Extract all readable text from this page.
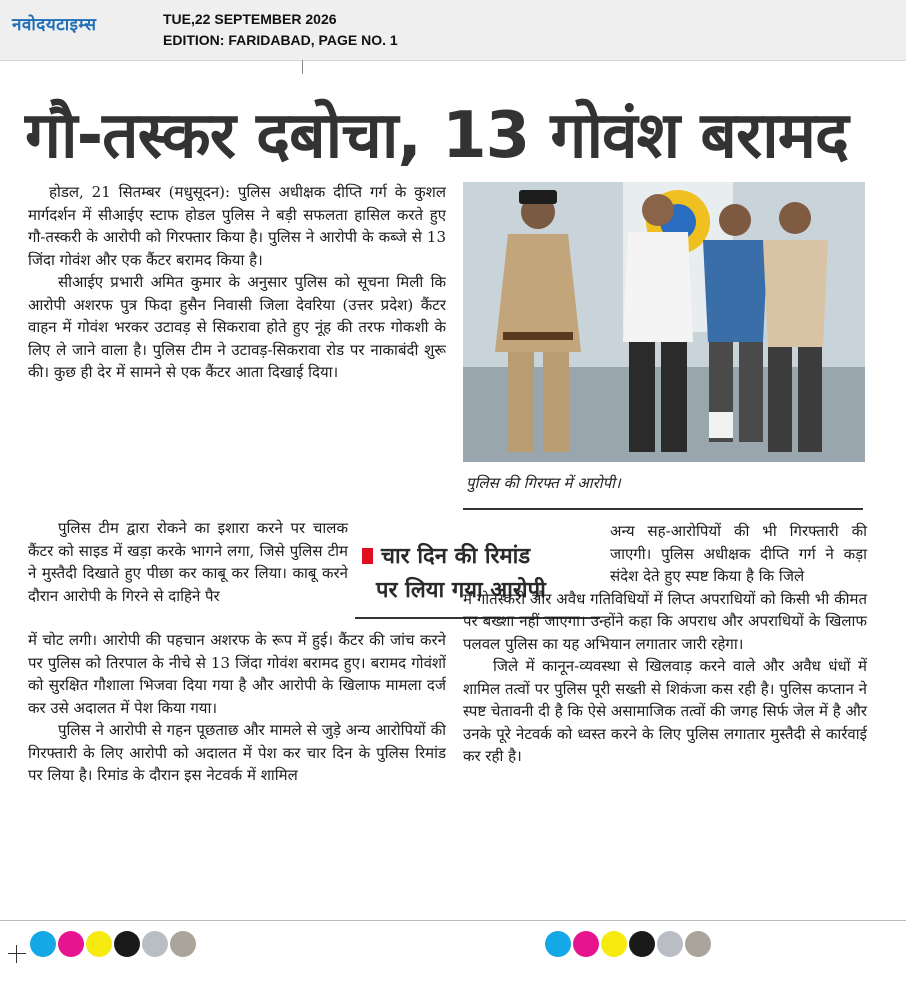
नवोदयटाइम्स	TUE,22 SEPTEMBER 2026
EDITION: FARIDABAD, PAGE NO. 1
गौ-तस्कर दबोचा, 13 गोवंश बरामद

होडल, 21 सितम्बर (मधुसूदन): पुलिस अधीक्षक दीप्ति गर्ग के कुशल मार्गदर्शन में सीआईए स्टाफ होडल पुलिस ने बड़ी सफलता हासिल करते हुए गौ-तस्करी के आरोपी को गिरफ्तार किया है। पुलिस ने आरोपी के कब्जे से 13 जिंदा गोवंश और एक कैंटर बरामद किया है।

सीआईए प्रभारी अमित कुमार के अनुसार पुलिस को सूचना मिली कि आरोपी अशरफ पुत्र फिदा हुसैन निवासी जिला देवरिया (उत्तर प्रदेश) कैंटर वाहन में गोवंश भरकर उटावड़ से सिकरावा होते हुए नूंह की तरफ गोकशी के लिए ले जाने वाला है। पुलिस टीम ने उटावड़-सिकरावा रोड पर नाकाबंदी शुरू की। कुछ ही देर में सामने से एक कैंटर आता दिखाई दिया।

पुलिस टीम द्वारा रोकने का इशारा करने पर चालक कैंटर को साइड में खड़ा करके भागने लगा, जिसे पुलिस टीम ने मुस्तैदी दिखाते हुए पीछा कर काबू कर लिया। काबू करने दौरान आरोपी के गिरने से दाहिने पैर

में चोट लगी। आरोपी की पहचान अशरफ के रूप में हुई। कैंटर की जांच करने पर पुलिस को तिरपाल के नीचे से 13 जिंदा गोवंश बरामद हुए। बरामद गोवंशों को सुरक्षित गौशाला भिजवा दिया गया है और आरोपी के खिलाफ मामला दर्ज कर उसे अदालत में पेश किया गया।

पुलिस ने आरोपी से गहन पूछताछ और मामले से जुड़े अन्य आरोपियों की गिरफ्तारी के लिए आरोपी को अदालत में पेश कर चार दिन के पुलिस रिमांड पर लिया है। रिमांड के दौरान इस नेटवर्क में शामिल

पुलिस की गिरफ्त में आरोपी।
चार दिन की रिमांड
पर लिया गया आरोपी

अन्य सह-आरोपियों की भी गिरफ्तारी की जाएगी। पुलिस अधीक्षक दीप्ति गर्ग ने कड़ा संदेश देते हुए स्पष्ट किया है कि जिले

में गोतस्करी और अवैध गतिविधियों में लिप्त अपराधियों को किसी भी कीमत पर बख्शा नहीं जाएगा। उन्होंने कहा कि अपराध और अपराधियों के खिलाफ पलवल पुलिस का यह अभियान लगातार जारी रहेगा।

जिले में कानून-व्यवस्था से खिलवाड़ करने वाले और अवैध धंधों में शामिल तत्वों पर पुलिस पूरी सख्ती से शिकंजा कस रही है। पुलिस कप्तान ने स्पष्ट चेतावनी दी है कि ऐसे असामाजिक तत्वों की जगह सिर्फ जेल में है और उनके पूरे नेटवर्क को ध्वस्त करने के लिए पुलिस लगातार मुस्तैदी से कार्रवाई कर रही है।
